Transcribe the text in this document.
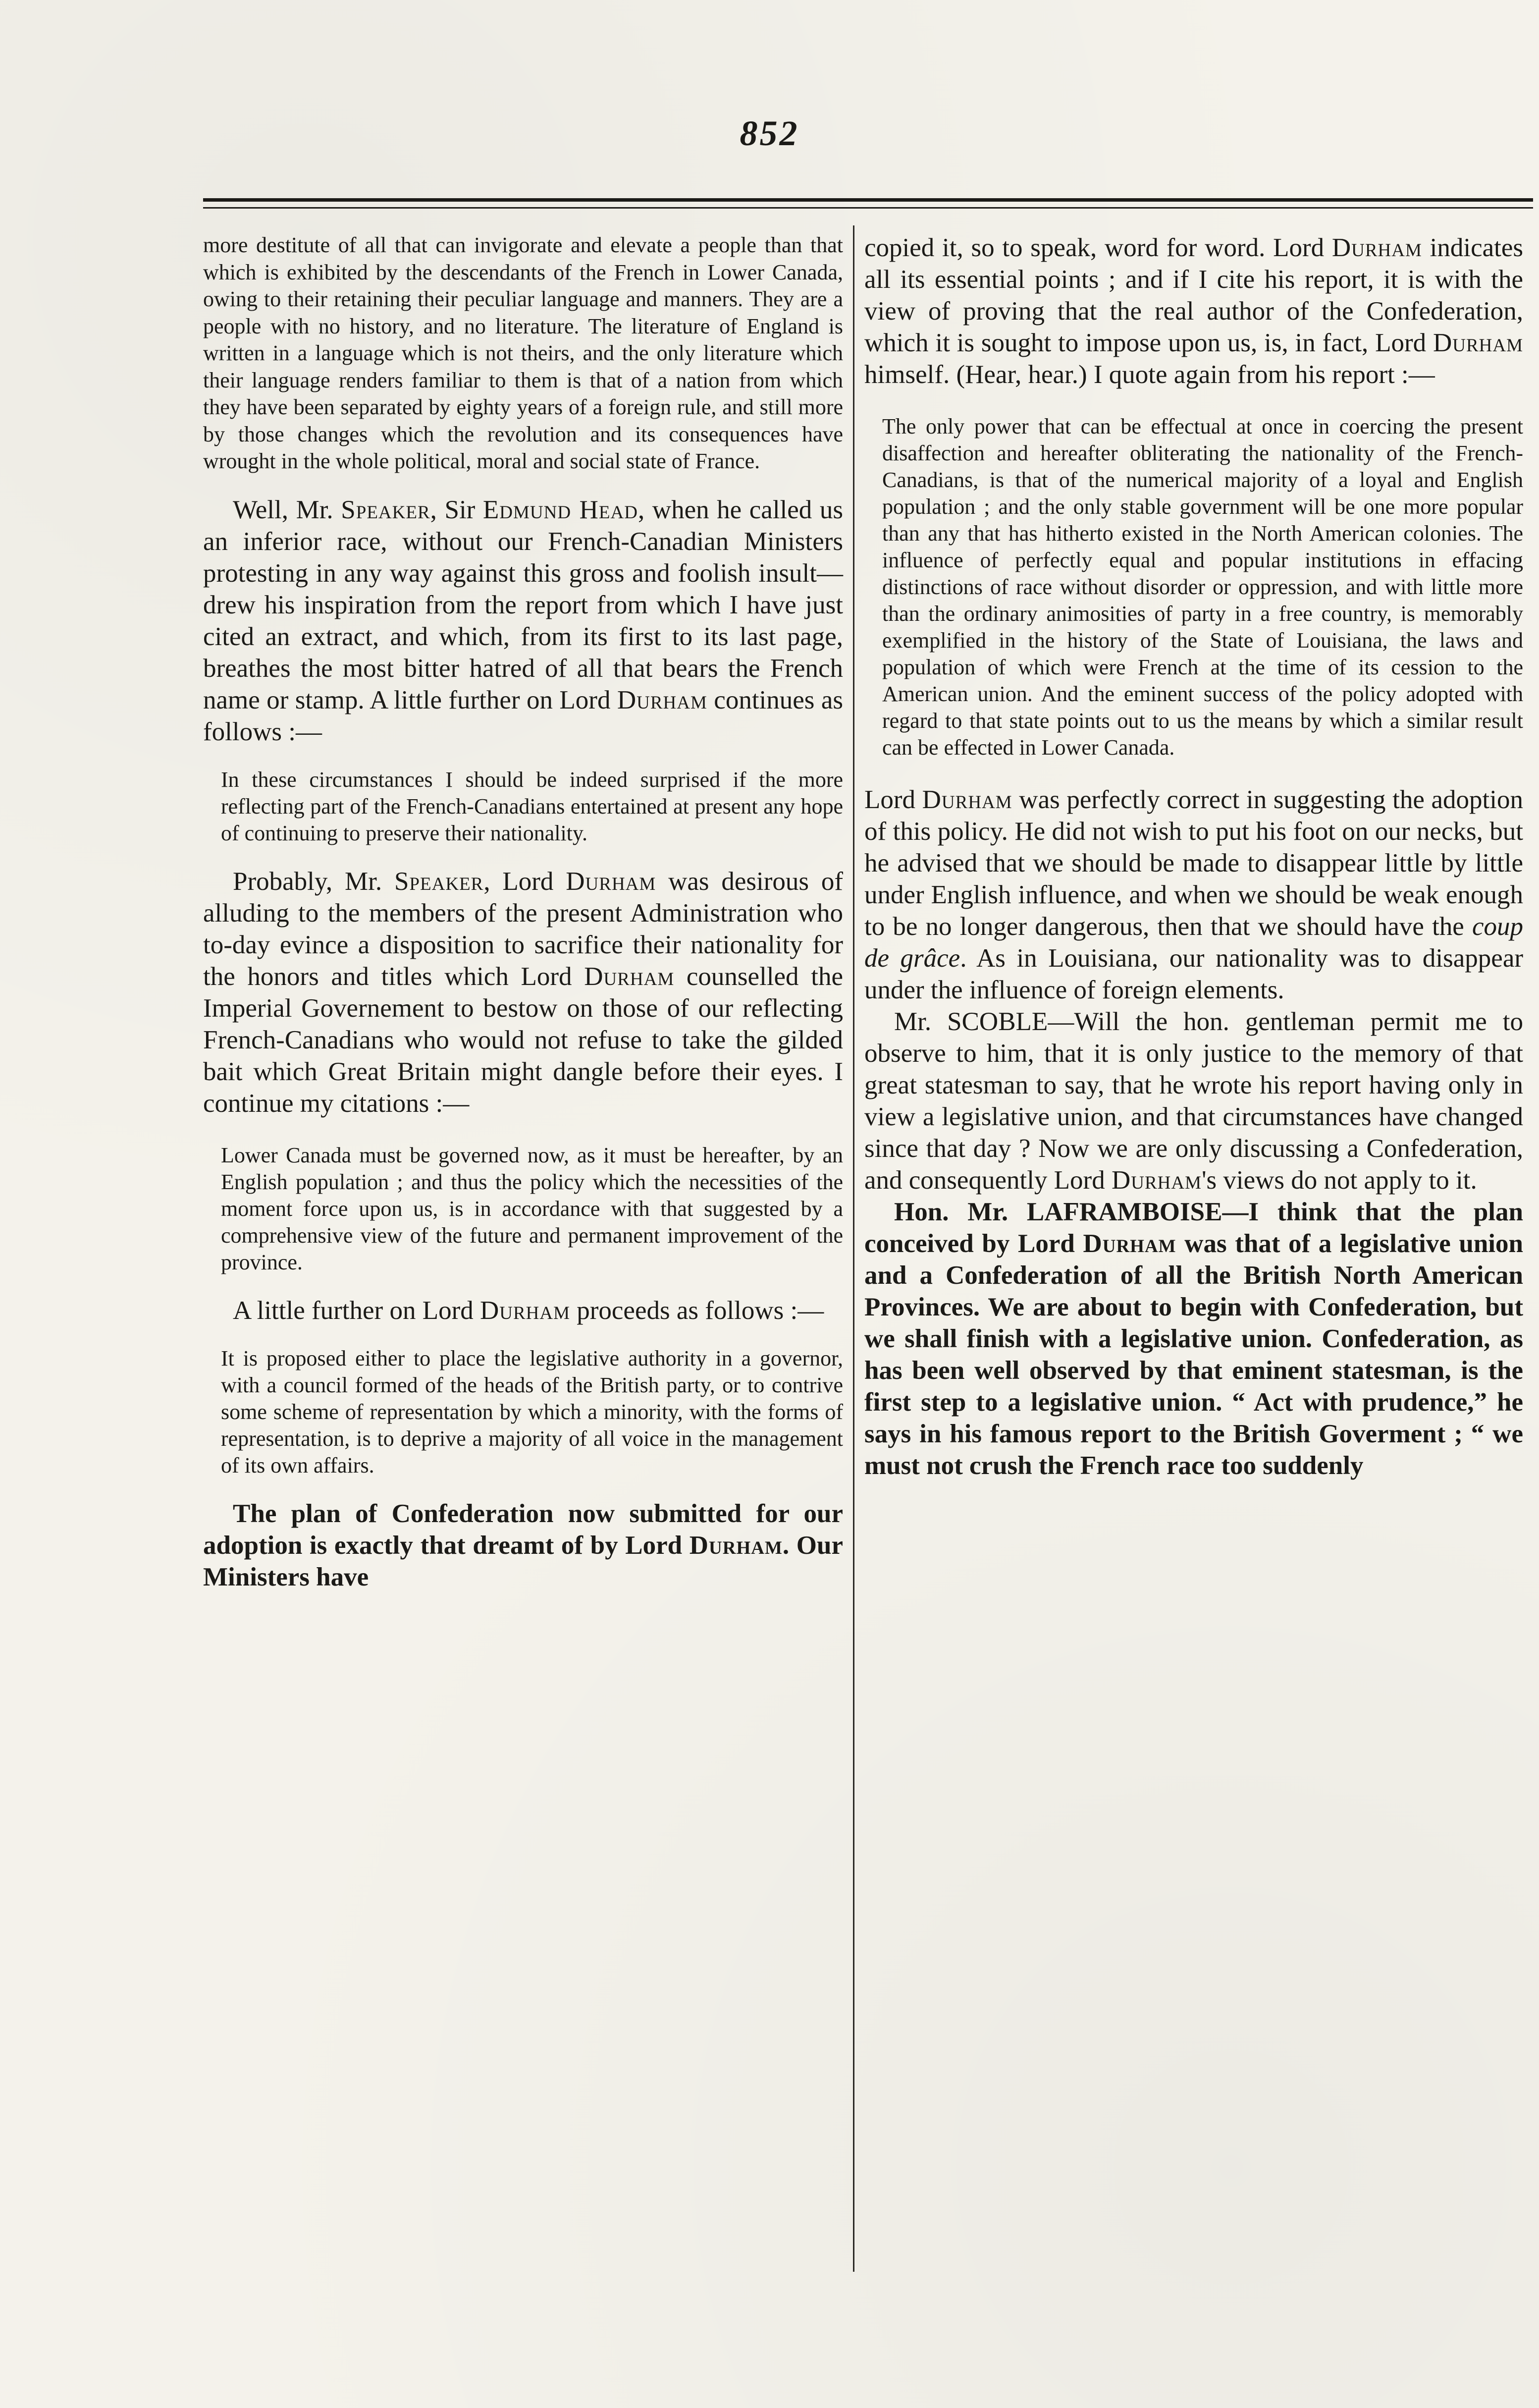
852

more destitute of all that can invigorate and elevate a people than that which is exhibited by the descendants of the French in Lower Canada, owing to their retaining their peculiar language and manners. They are a people with no history, and no literature. The literature of England is written in a language which is not theirs, and the only literature which their language renders familiar to them is that of a nation from which they have been separated by eighty years of a foreign rule, and still more by those changes which the revolution and its consequences have wrought in the whole political, moral and social state of France.

Well, Mr. Speaker, Sir Edmund Head, when he called us an inferior race, without our French-Canadian Ministers protesting in any way against this gross and foolish insult—drew his inspiration from the report from which I have just cited an extract, and which, from its first to its last page, breathes the most bitter hatred of all that bears the French name or stamp. A little further on Lord Durham continues as follows :—

In these circumstances I should be indeed surprised if the more reflecting part of the French-Canadians entertained at present any hope of continuing to preserve their nationality.

Probably, Mr. Speaker, Lord Durham was desirous of alluding to the members of the present Administration who to-day evince a disposition to sacrifice their nationality for the honors and titles which Lord Durham counselled the Imperial Governement to bestow on those of our reflecting French-Canadians who would not refuse to take the gilded bait which Great Britain might dangle before their eyes. I continue my citations :—

Lower Canada must be governed now, as it must be hereafter, by an English population ; and thus the policy which the necessities of the moment force upon us, is in accordance with that suggested by a comprehensive view of the future and permanent improvement of the province.

A little further on Lord Durham proceeds as follows :—

It is proposed either to place the legislative authority in a governor, with a council formed of the heads of the British party, or to contrive some scheme of representation by which a minority, with the forms of representation, is to deprive a majority of all voice in the management of its own affairs.

The plan of Confederation now submitted for our adoption is exactly that dreamt of by Lord Durham. Our Ministers have

copied it, so to speak, word for word. Lord Durham indicates all its essential points ; and if I cite his report, it is with the view of proving that the real author of the Confederation, which it is sought to impose upon us, is, in fact, Lord Durham himself. (Hear, hear.) I quote again from his report :—

The only power that can be effectual at once in coercing the present disaffection and hereafter obliterating the nationality of the French-Canadians, is that of the numerical majority of a loyal and English population ; and the only stable government will be one more popular than any that has hitherto existed in the North American colonies. The influence of perfectly equal and popular institutions in effacing distinctions of race without disorder or oppression, and with little more than the ordinary animosities of party in a free country, is memorably exemplified in the history of the State of Louisiana, the laws and population of which were French at the time of its cession to the American union. And the eminent success of the policy adopted with regard to that state points out to us the means by which a similar result can be effected in Lower Canada.

Lord Durham was perfectly correct in suggesting the adoption of this policy. He did not wish to put his foot on our necks, but he advised that we should be made to disappear little by little under English influence, and when we should be weak enough to be no longer dangerous, then that we should have the coup de grâce. As in Louisiana, our nationality was to disappear under the influence of foreign elements.

Mr. SCOBLE—Will the hon. gentleman permit me to observe to him, that it is only justice to the memory of that great statesman to say, that he wrote his report having only in view a legislative union, and that circumstances have changed since that day ? Now we are only discussing a Confederation, and consequently Lord Durham's views do not apply to it.

Hon. Mr. LAFRAMBOISE—I think that the plan conceived by Lord Durham was that of a legislative union and a Confederation of all the British North American Provinces. We are about to begin with Confederation, but we shall finish with a legislative union. Confederation, as has been well observed by that eminent statesman, is the first step to a legislative union. “ Act with prudence,” he says in his famous report to the British Goverment ; “ we must not crush the French race too suddenly
